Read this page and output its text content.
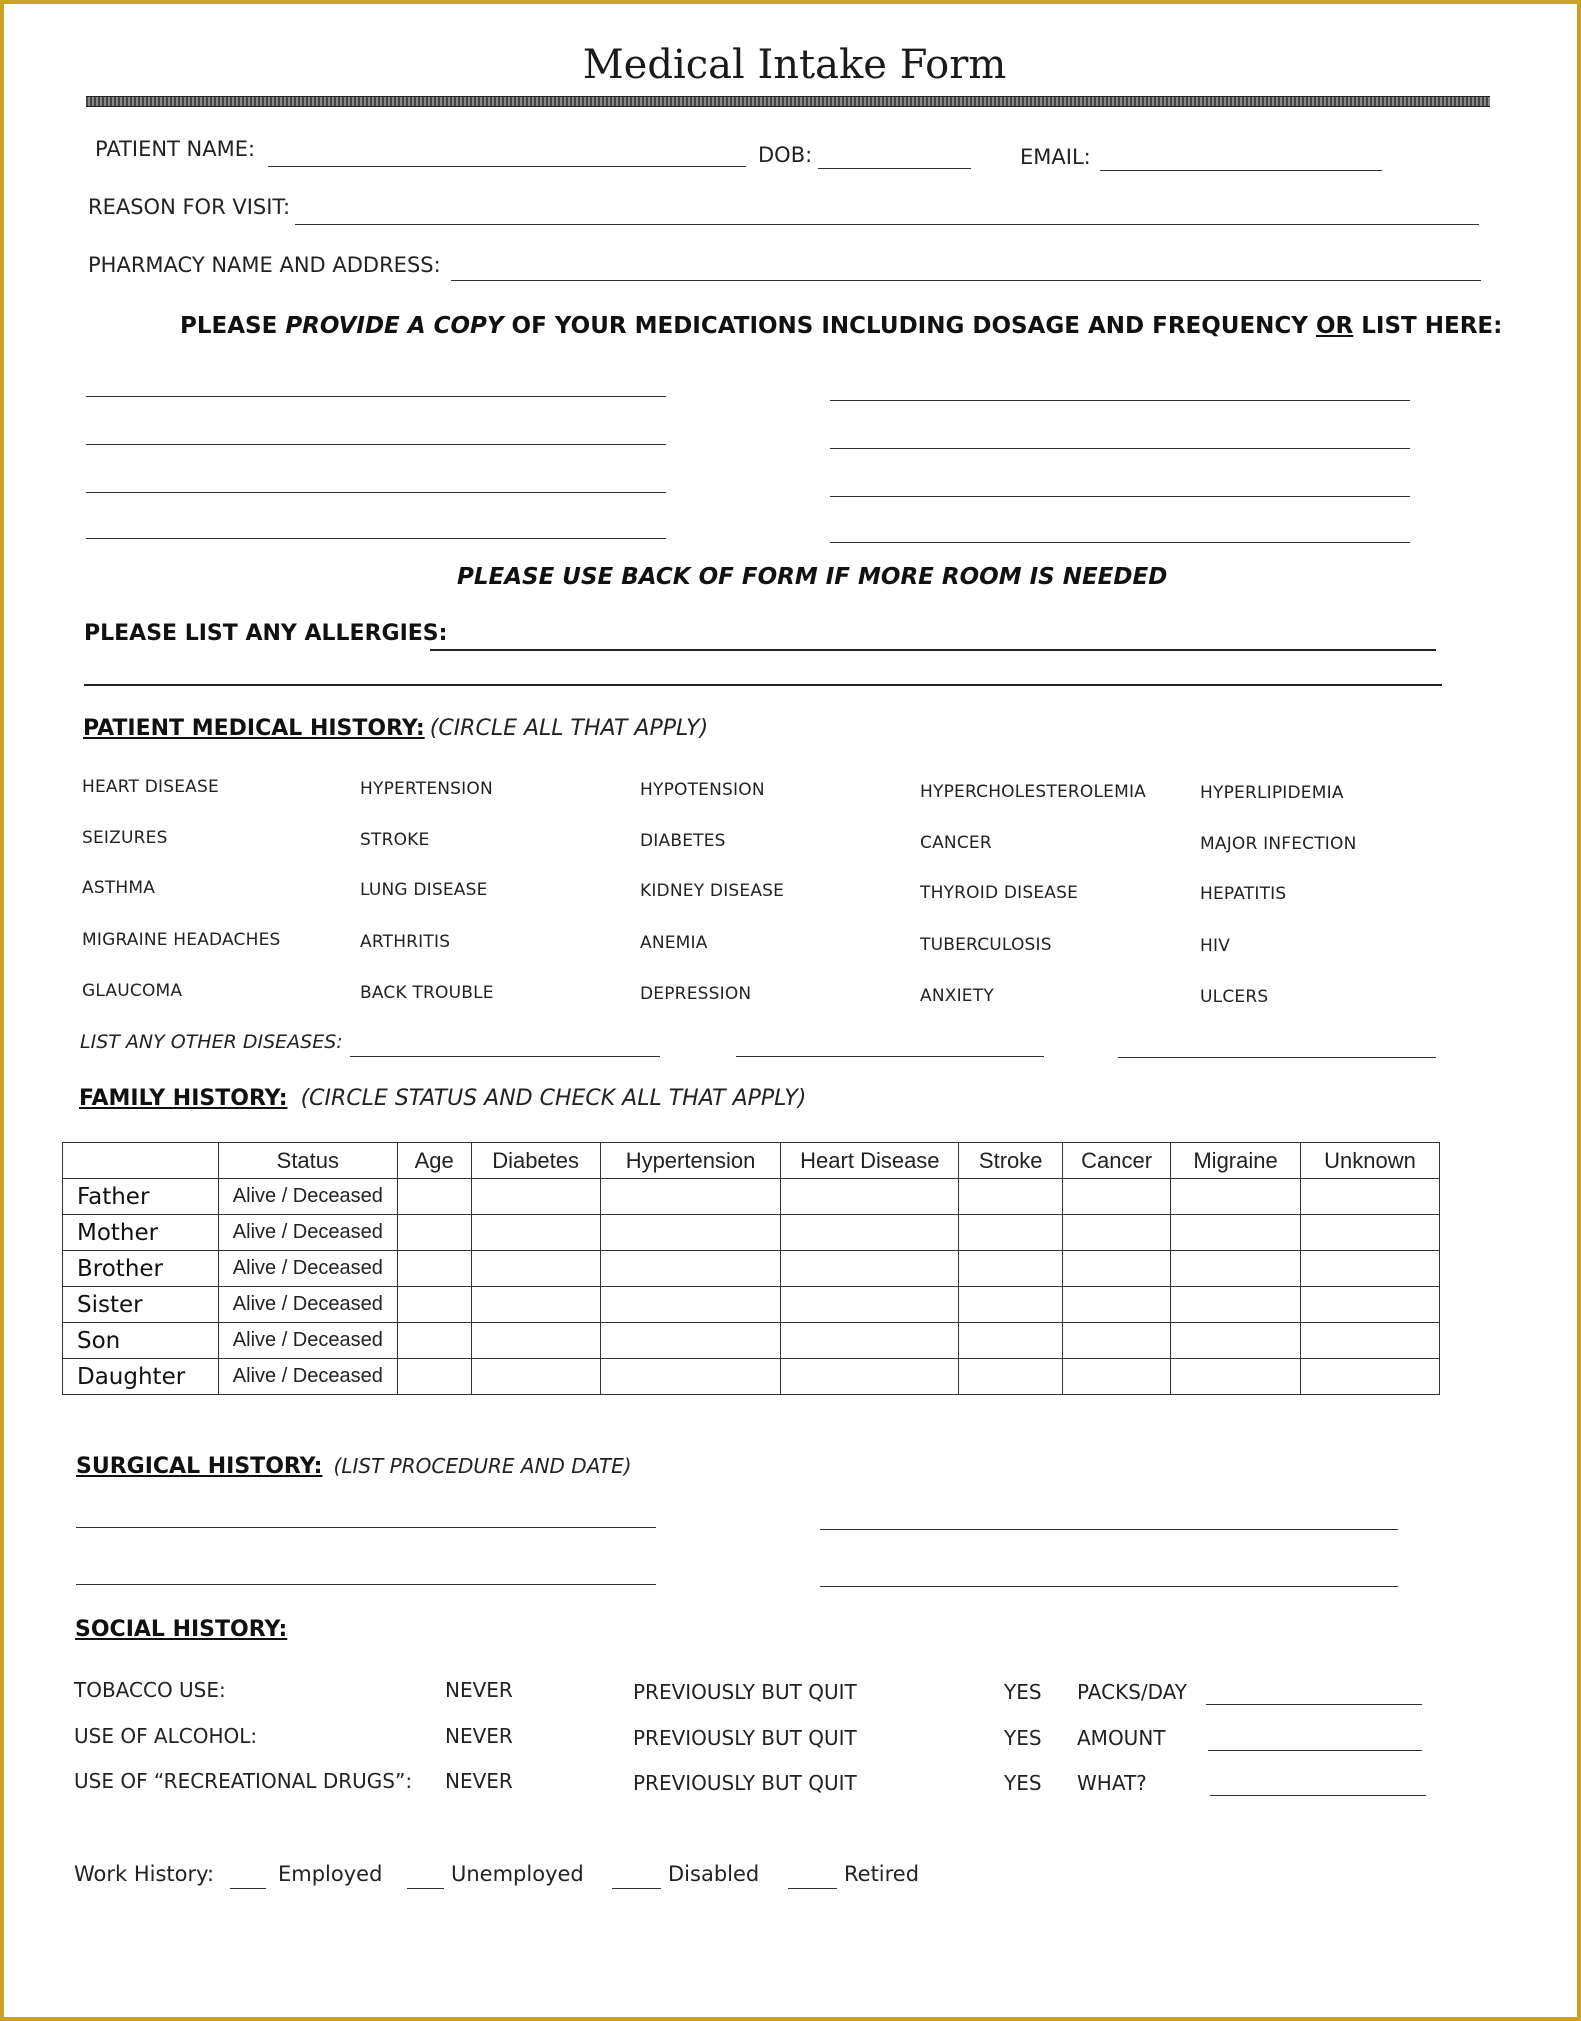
Medical Intake Form
PATIENT NAME:	DOB:	EMAIL:
REASON FOR VISIT:
PHARMACY NAME AND ADDRESS:
PLEASE PROVIDE A COPY OF YOUR MEDICATIONS INCLUDING DOSAGE AND FREQUENCY OR LIST HERE:
PLEASE USE BACK OF FORM IF MORE ROOM IS NEEDED
PLEASE LIST ANY ALLERGIES:
PATIENT MEDICAL HISTORY: (CIRCLE ALL THAT APPLY)
HEART DISEASE	HYPERTENSION	HYPOTENSION	HYPERCHOLESTEROLEMIA	HYPERLIPIDEMIA
SEIZURES	STROKE	DIABETES	CANCER	MAJOR INFECTION
ASTHMA	LUNG DISEASE	KIDNEY DISEASE	THYROID DISEASE	HEPATITIS
MIGRAINE HEADACHES	ARTHRITIS	ANEMIA	TUBERCULOSIS	HIV
GLAUCOMA	BACK TROUBLE	DEPRESSION	ANXIETY	ULCERS
LIST ANY OTHER DISEASES:
FAMILY HISTORY: (CIRCLE STATUS AND CHECK ALL THAT APPLY)
	Status	Age	Diabetes	Hypertension	Heart Disease	Stroke	Cancer	Migraine	Unknown
Father	Alive / Deceased								
Mother	Alive / Deceased								
Brother	Alive / Deceased								
Sister	Alive / Deceased								
Son	Alive / Deceased								
Daughter	Alive / Deceased								
SURGICAL HISTORY: (LIST PROCEDURE AND DATE)
SOCIAL HISTORY:
TOBACCO USE:	NEVER	PREVIOUSLY BUT QUIT	YES PACKS/DAY
USE OF ALCOHOL:	NEVER	PREVIOUSLY BUT QUIT	YES AMOUNT
USE OF “RECREATIONAL DRUGS”: NEVER	PREVIOUSLY BUT QUIT	YES WHAT?
Work History:	Employed	Unemployed	Disabled	Retired
